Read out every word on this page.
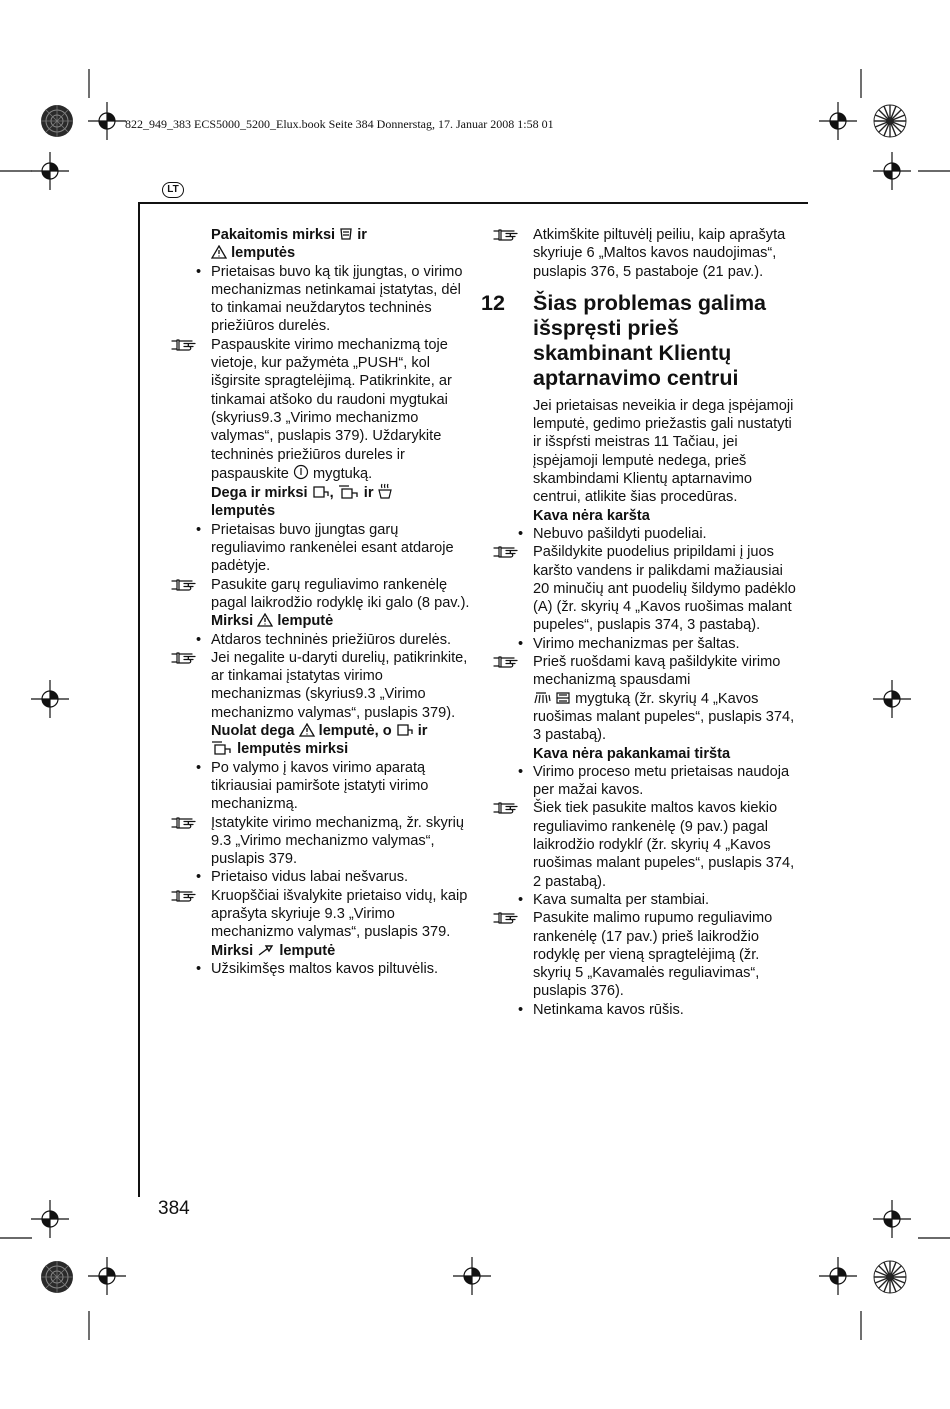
822_949_383 ECS5000_5200_Elux.book Seite 384 Donnerstag, 17. Januar 2008 1:58 01
LT
Pakaitomis mirksi ir
lemputės
• Prietaisas buvo ką tik įjungtas, o virimo mechanizmas netinkamai įstatytas, dėl to tinkamai neuždarytos techninės priežiūros durelės.
Paspauskite virimo mechanizmą toje vietoje, kur pažymėta „PUSH“, kol išgirsite spragtelėjimą. Patikrinkite, ar tinkamai atšoko du raudoni mygtukai (skyrius9.3 „Virimo mechanizmo valymas“, puslapis 379). Uždarykite techninės priežiūros dureles ir paspauskite mygtuką.
Dega ir mirksi , ir
lemputės
• Prietaisas buvo įjungtas garų reguliavimo rankenėlei esant atdaroje padėtyje.
Pasukite garų reguliavimo rankenėlę pagal laikrodžio rodyklę iki galo (8 pav.).
Mirksi lemputė
• Atdaros techninės priežiūros durelės.
Jei negalite u-daryti durelių, patikrinkite, ar tinkamai įstatytas virimo mechanizmas (skyrius9.3 „Virimo mechanizmo valymas“, puslapis 379).
Nuolat dega lemputė, o ir
lemputės mirksi
• Po valymo į kavos virimo aparatą tikriausiai pamiršote įstatyti virimo mechanizmą.
Įstatykite virimo mechanizmą, žr. skyrių 9.3 „Virimo mechanizmo valymas“, puslapis 379.
• Prietaiso vidus labai nešvarus.
Kruopščiai išvalykite prietaiso vidų, kaip aprašyta skyriuje 9.3 „Virimo mechanizmo valymas“, puslapis 379.
Mirksi lemputė
• Užsikimšęs maltos kavos piltuvėlis.
Atkimškite piltuvėlį peiliu, kaip aprašyta skyriuje 6 „Maltos kavos naudojimas“, puslapis 376, 5 pastaboje (21 pav.).
12 Šias problemas galima išspręsti prieš skambinant Klientų aptarnavimo centrui
Jei prietaisas neveikia ir dega įspėjamoji lemputė, gedimo priežastis gali nustatyti ir išspŕsti meistras 11 Tačiau, jei įspėjamoji lemputė nedega, prieš skambindami Klientų aptarnavimo centrui, atlikite šias procedūras.
Kava nėra karšta
• Nebuvo pašildyti puodeliai.
Pašildykite puodelius pripildami į juos karšto vandens ir palikdami mažiausiai 20 minučių ant puodelių šildymo padėklo (A) (žr. skyrių 4 „Kavos ruošimas malant pupeles“, puslapis 374, 3 pastabą).
• Virimo mechanizmas per šaltas.
Prieš ruošdami kavą pašildykite virimo mechanizmą spausdami
mygtuką (žr. skyrių 4 „Kavos ruošimas malant pupeles“, puslapis 374, 3 pastabą).
Kava nėra pakankamai tiršta
• Virimo proceso metu prietaisas naudoja per mažai kavos.
Šiek tiek pasukite maltos kavos kiekio reguliavimo rankenėlę (9 pav.) pagal laikrodžio rodyklŕ (žr. skyrių 4 „Kavos ruošimas malant pupeles“, puslapis 374, 2 pastabą).
• Kava sumalta per stambiai.
Pasukite malimo rupumo reguliavimo rankenėlę (17 pav.) prieš laikrodžio rodyklę per vieną spragtelėjimą (žr. skyrių 5 „Kavamalės reguliavimas“, puslapis 376).
• Netinkama kavos rūšis.
384
